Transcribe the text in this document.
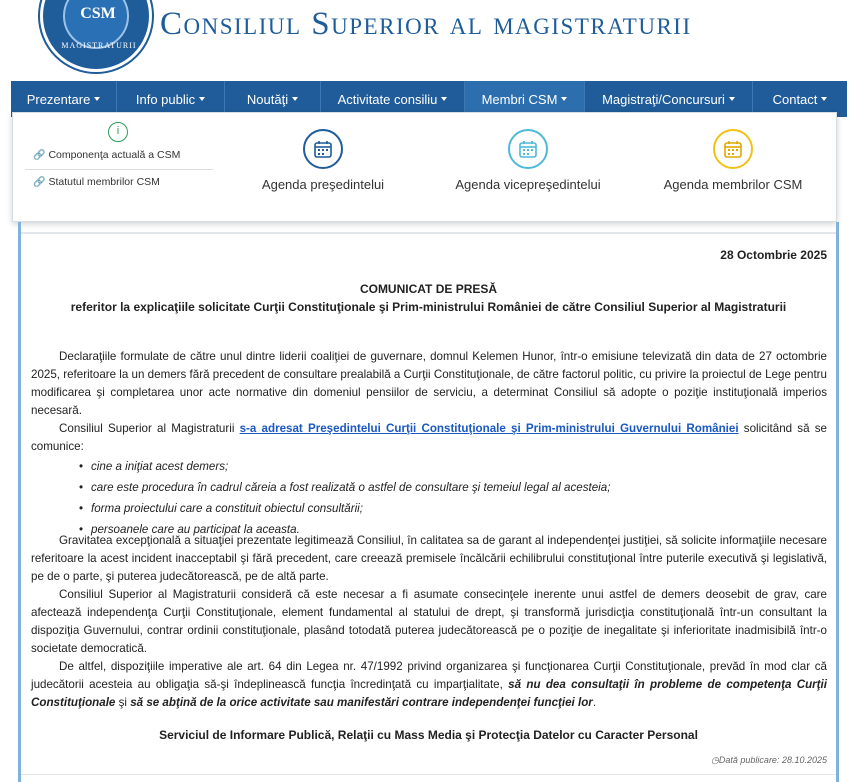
CSM
MAGISTRATURII
Consiliul Superior al magistraturii
Prezentare	Info public	Noutăţi	Activitate consiliu	Membri CSM	Magistraţi/Concursuri	Contact
i
🔗 Componenţa actuală a CSM
🔗 Statutul membrilor CSM	Agenda preşedintelui	Agenda vicepreşedintelui	Agenda membrilor CSM
28 Octombrie 2025
COMUNICAT DE PRESĂ
referitor la explicaţiile solicitate Curţii Constituţionale şi Prim-ministrului României de către Consiliul Superior al Magistraturii

Declaraţiile formulate de către unul dintre liderii coaliţiei de guvernare, domnul Kelemen Hunor, într-o emisiune televizată din data de 27 octombrie 2025, referitoare la un demers fără precedent de consultare prealabilă a Curţii Constituţionale, de către factorul politic, cu privire la proiectul de Lege pentru modificarea şi completarea unor acte normative din domeniul pensiilor de serviciu, a determinat Consiliul să adopte o poziţie instituţională imperios necesară.

Consiliul Superior al Magistraturii s-a adresat Preşedintelui Curţii Constituţionale şi Prim-ministrului Guvernului României solicitând să se comunice:

• cine a iniţiat acest demers;
• care este procedura în cadrul căreia a fost realizată o astfel de consultare şi temeiul legal al acesteia;
• forma proiectului care a constituit obiectul consultării;
• persoanele care au participat la aceasta.

Gravitatea excepţională a situaţiei prezentate legitimează Consiliul, în calitatea sa de garant al independenţei justiţiei, să solicite informaţiile necesare referitoare la acest incident inacceptabil şi fără precedent, care creează premisele încălcării echilibrului constituţional între puterile executivă şi legislativă, pe de o parte, şi puterea judecătorească, pe de altă parte.

Consiliul Superior al Magistraturii consideră că este necesar a fi asumate consecinţele inerente unui astfel de demers deosebit de grav, care afectează independenţa Curţii Constituţionale, element fundamental al statului de drept, şi transformă jurisdicţia constituţională într-un consultant la dispoziţia Guvernului, contrar ordinii constituţionale, plasând totodată puterea judecătorească pe o poziţie de inegalitate şi inferioritate inadmisibilă într-o societate democratică.

De altfel, dispoziţiile imperative ale art. 64 din Legea nr. 47/1992 privind organizarea şi funcţionarea Curţii Constituţionale, prevăd în mod clar că judecătorii acesteia au obligaţia să-şi îndeplinească funcţia încredinţată cu imparţialitate, să nu dea consultaţii în probleme de competenţa Curţii Constituţionale şi să se abţină de la orice activitate sau manifestări contrare independenţei funcţiei lor.

Serviciul de Informare Publică, Relaţii cu Mass Media şi Protecţia Datelor cu Caracter Personal
◷Dată publicare: 28.10.2025
